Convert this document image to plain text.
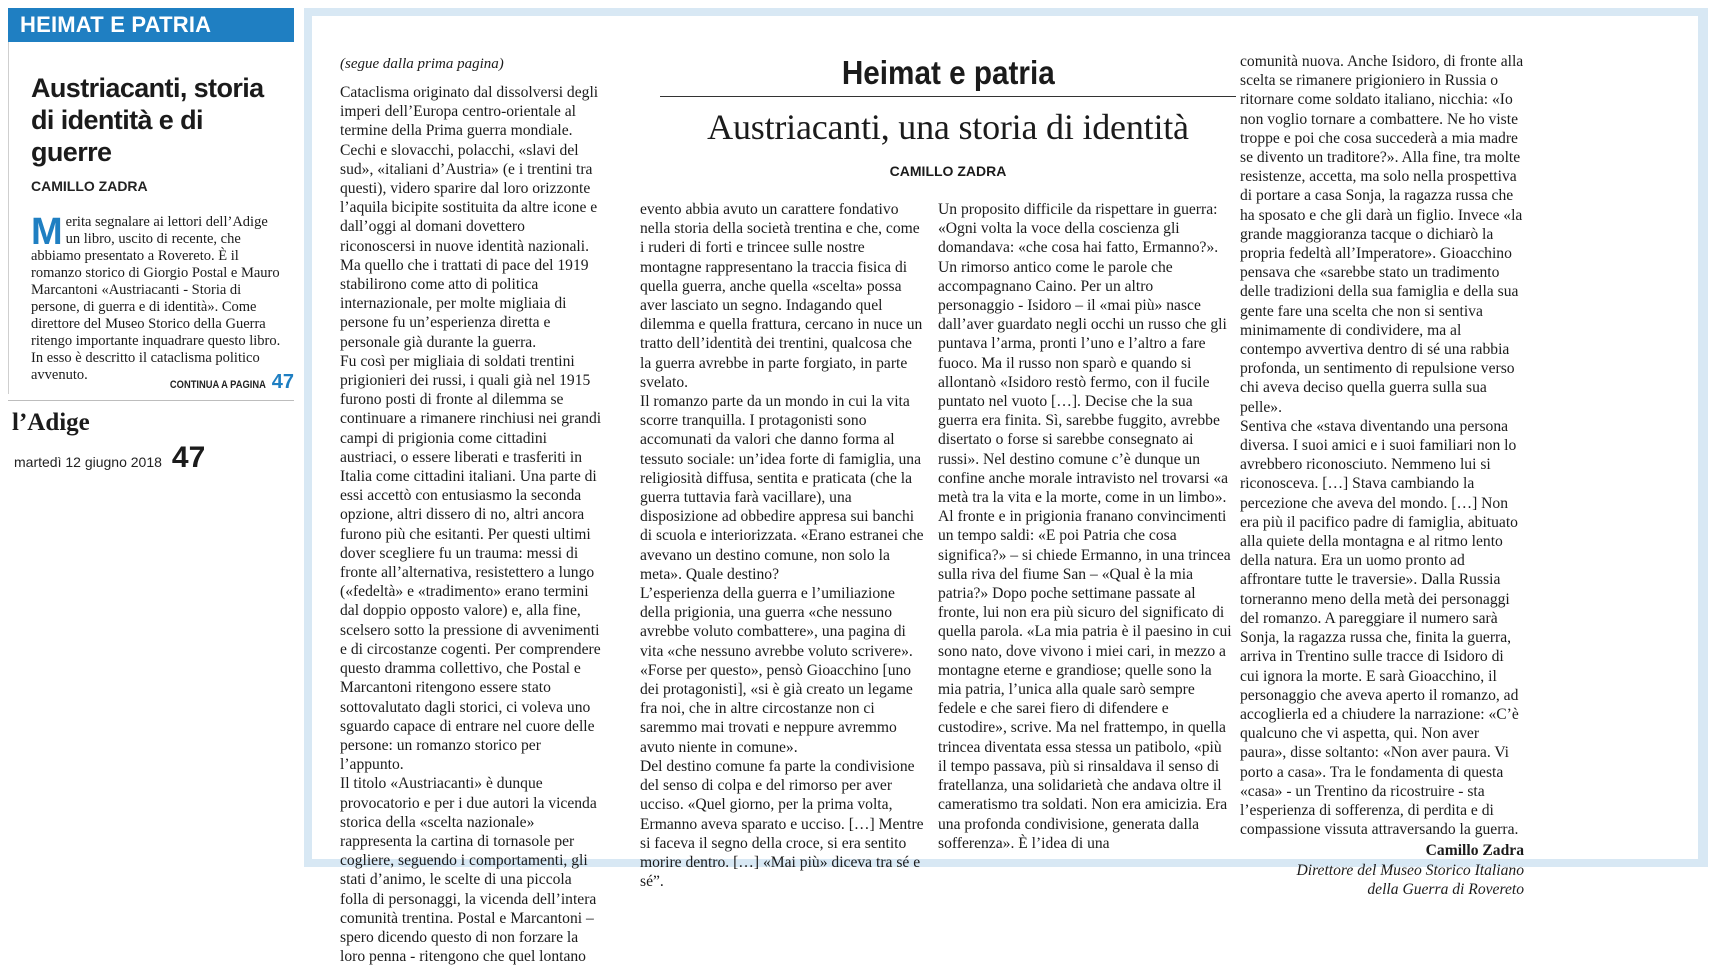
HEIMAT E PATRIA
Austriacanti, storia di identità e di guerre
CAMILLO ZADRA
Merita segnalare ai lettori dell’Adige un libro, uscito di recente, che abbiamo presentato a Rovereto. È il romanzo storico di Giorgio Postal e Mauro Marcantoni «Austriacanti - Storia di persone, di guerra e di identità». Come direttore del Museo Storico della Guerra ritengo importante inquadrare questo libro. In esso è descritto il cataclisma politico avvenuto.
CONTINUA A PAGINA 47
l’Adige
martedì 12 giugno 2018 47
(segue dalla prima pagina)

Cataclisma originato dal dissolversi degli imperi dell’Europa centro-orientale al termine della Prima guerra mondiale. Cechi e slovacchi, polacchi, «slavi del sud», «italiani d’Austria» (e i trentini tra questi), videro sparire dal loro orizzonte l’aquila bicipite sostituita da altre icone e dall’oggi al domani dovettero riconoscersi in nuove identità nazionali. Ma quello che i trattati di pace del 1919 stabilirono come atto di politica internazionale, per molte migliaia di persone fu un’esperienza diretta e personale già durante la guerra.

Fu così per migliaia di soldati trentini prigionieri dei russi, i quali già nel 1915 furono posti di fronte al dilemma se continuare a rimanere rinchiusi nei grandi campi di prigionia come cittadini austriaci, o essere liberati e trasferiti in Italia come cittadini italiani. Una parte di essi accettò con entusiasmo la seconda opzione, altri dissero di no, altri ancora furono più che esitanti. Per questi ultimi dover scegliere fu un trauma: messi di fronte all’alternativa, resistettero a lungo («fedeltà» e «tradimento» erano termini dal doppio opposto valore) e, alla fine, scelsero sotto la pressione di avvenimenti e di circostanze cogenti. Per comprendere questo dramma collettivo, che Postal e Marcantoni ritengono essere stato sottovalutato dagli storici, ci voleva uno sguardo capace di entrare nel cuore delle persone: un romanzo storico per l’appunto.

Il titolo «Austriacanti» è dunque provocatorio e per i due autori la vicenda storica della «scelta nazionale» rappresenta la cartina di tornasole per cogliere, seguendo i comportamenti, gli stati d’animo, le scelte di una piccola folla di personaggi, la vicenda dell’intera comunità trentina. Postal e Marcantoni – spero dicendo questo di non forzare la loro penna - ritengono che quel lontano

Heimat e patria
Austriacanti, una storia di identità
CAMILLO ZADRA

evento abbia avuto un carattere fondativo nella storia della società trentina e che, come i ruderi di forti e trincee sulle nostre montagne rappresentano la traccia fisica di quella guerra, anche quella «scelta» possa aver lasciato un segno. Indagando quel dilemma e quella frattura, cercano in nuce un tratto dell’identità dei trentini, qualcosa che la guerra avrebbe in parte forgiato, in parte svelato.

Il romanzo parte da un mondo in cui la vita scorre tranquilla. I protagonisti sono accomunati da valori che danno forma al tessuto sociale: un’idea forte di famiglia, una religiosità diffusa, sentita e praticata (che la guerra tuttavia farà vacillare), una disposizione ad obbedire appresa sui banchi di scuola e interiorizzata. «Erano estranei che avevano un destino comune, non solo la meta». Quale destino?

L’esperienza della guerra e l’umiliazione della prigionia, una guerra «che nessuno avrebbe voluto combattere», una pagina di vita «che nessuno avrebbe voluto scrivere». «Forse per questo», pensò Gioacchino [uno dei protagonisti], «si è già creato un legame fra noi, che in altre circostanze non ci saremmo mai trovati e neppure avremmo avuto niente in comune».

Del destino comune fa parte la condivisione del senso di colpa e del rimorso per aver ucciso. «Quel giorno, per la prima volta, Ermanno aveva sparato e ucciso. […] Mentre si faceva il segno della croce, si era sentito morire dentro. […] «Mai più» diceva tra sé e sé”.

Un proposito difficile da rispettare in guerra: «Ogni volta la voce della coscienza gli domandava: «che cosa hai fatto, Ermanno?». Un rimorso antico come le parole che accompagnano Caino. Per un altro personaggio - Isidoro – il «mai più» nasce dall’aver guardato negli occhi un russo che gli puntava l’arma, pronti l’uno e l’altro a fare fuoco. Ma il russo non sparò e quando si allontanò «Isidoro restò fermo, con il fucile puntato nel vuoto […]. Decise che la sua guerra era finita. Sì, sarebbe fuggito, avrebbe disertato o forse si sarebbe consegnato ai russi». Nel destino comune c’è dunque un confine anche morale intravisto nel trovarsi «a metà tra la vita e la morte, come in un limbo».

Al fronte e in prigionia franano convincimenti un tempo saldi: «E poi Patria che cosa significa?» – si chiede Ermanno, in una trincea sulla riva del fiume San – «Qual è la mia patria?» Dopo poche settimane passate al fronte, lui non era più sicuro del significato di quella parola. «La mia patria è il paesino in cui sono nato, dove vivono i miei cari, in mezzo a montagne eterne e grandiose; quelle sono la mia patria, l’unica alla quale sarò sempre fedele e che sarei fiero di difendere e custodire», scrive. Ma nel frattempo, in quella trincea diventata essa stessa un patibolo, «più il tempo passava, più si rinsaldava il senso di fratellanza, una solidarietà che andava oltre il cameratismo tra soldati. Non era amicizia. Era una profonda condivisione, generata dalla sofferenza». È l’idea di una

comunità nuova. Anche Isidoro, di fronte alla scelta se rimanere prigioniero in Russia o ritornare come soldato italiano, nicchia: «Io non voglio tornare a combattere. Ne ho viste troppe e poi che cosa succederà a mia madre se divento un traditore?». Alla fine, tra molte resistenze, accetta, ma solo nella prospettiva di portare a casa Sonja, la ragazza russa che ha sposato e che gli darà un figlio. Invece «la grande maggioranza tacque o dichiarò la propria fedeltà all’Imperatore». Gioacchino pensava che «sarebbe stato un tradimento delle tradizioni della sua famiglia e della sua gente fare una scelta che non si sentiva minimamente di condividere, ma al contempo avvertiva dentro di sé una rabbia profonda, un sentimento di repulsione verso chi aveva deciso quella guerra sulla sua pelle».

Sentiva che «stava diventando una persona diversa. I suoi amici e i suoi familiari non lo avrebbero riconosciuto. Nemmeno lui si riconosceva. […] Stava cambiando la percezione che aveva del mondo. […] Non era più il pacifico padre di famiglia, abituato alla quiete della montagna e al ritmo lento della natura. Era un uomo pronto ad affrontare tutte le traversie». Dalla Russia torneranno meno della metà dei personaggi del romanzo. A pareggiare il numero sarà Sonja, la ragazza russa che, finita la guerra, arriva in Trentino sulle tracce di Isidoro di cui ignora la morte. E sarà Gioacchino, il personaggio che aveva aperto il romanzo, ad accoglierla ed a chiudere la narrazione: «C’è qualcuno che vi aspetta, qui. Non aver paura», disse soltanto: «Non aver paura. Vi porto a casa». Tra le fondamenta di questa «casa» - un Trentino da ricostruire - sta l’esperienza di sofferenza, di perdita e di compassione vissuta attraversando la guerra.

Camillo Zadra

Direttore del Museo Storico Italiano

della Guerra di Rovereto
